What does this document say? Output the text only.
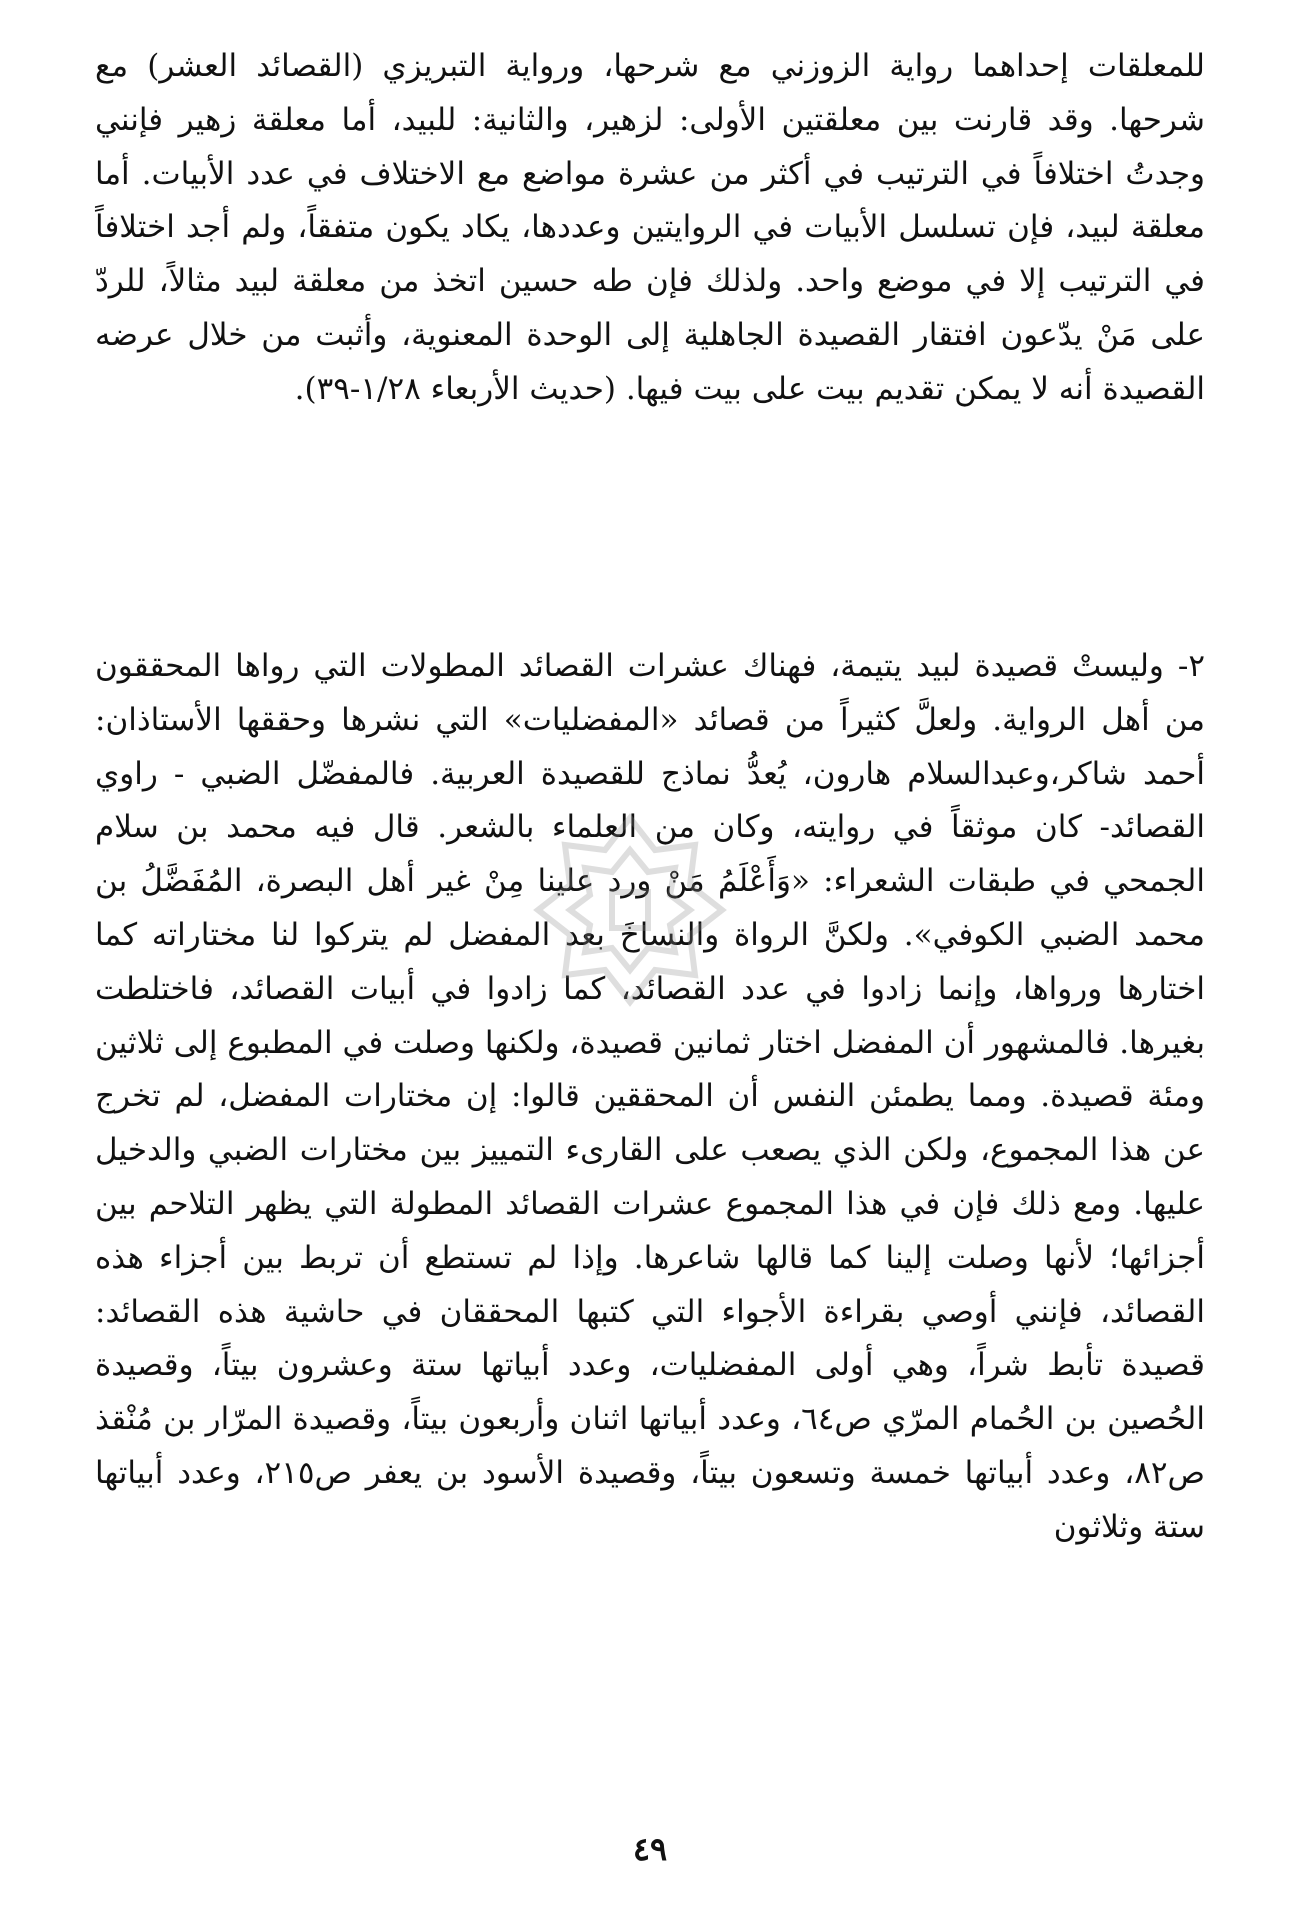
للمعلقات إحداهما رواية الزوزني مع شرحها، ورواية التبريزي (القصائد العشر) مع شرحها. وقد قارنت بين معلقتين الأولى: لزهير، والثانية: للبيد، أما معلقة زهير فإنني وجدتُ اختلافاً في الترتيب في أكثر من عشرة مواضع مع الاختلاف في عدد الأبيات. أما معلقة لبيد، فإن تسلسل الأبيات في الروايتين وعددها، يكاد يكون متفقاً، ولم أجد اختلافاً في الترتيب إلا في موضع واحد. ولذلك فإن طه حسين اتخذ من معلقة لبيد مثالاً، للردّ على مَنْ يدّعون افتقار القصيدة الجاهلية إلى الوحدة المعنوية، وأثبت من خلال عرضه القصيدة أنه لا يمكن تقديم بيت على بيت فيها. (حديث الأربعاء ١/٢٨-٣٩).

٢- وليستْ قصيدة لبيد يتيمة، فهناك عشرات القصائد المطولات التي رواها المحققون من أهل الرواية. ولعلَّ كثيراً من قصائد «المفضليات» التي نشرها وحققها الأستاذان: أحمد شاكر،وعبدالسلام هارون، يُعدُّ نماذج للقصيدة العربية. فالمفضّل الضبي - راوي القصائد- كان موثقاً في روايته، وكان من العلماء بالشعر. قال فيه محمد بن سلام الجمحي في طبقات الشعراء: «وَأَعْلَمُ مَنْ ورد علينا مِنْ غير أهل البصرة، المُفَضَّلُ بن محمد الضبي الكوفي». ولكنَّ الرواة والنساخَ بعد المفضل لم يتركوا لنا مختاراته كما اختارها ورواها، وإنما زادوا في عدد القصائد، كما زادوا في أبيات القصائد، فاختلطت بغيرها. فالمشهور أن المفضل اختار ثمانين قصيدة، ولكنها وصلت في المطبوع إلى ثلاثين ومئة قصيدة. ومما يطمئن النفس أن المحققين قالوا: إن مختارات المفضل، لم تخرج عن هذا المجموع، ولكن الذي يصعب على القارىء التمييز بين مختارات الضبي والدخيل عليها. ومع ذلك فإن في هذا المجموع عشرات القصائد المطولة التي يظهر التلاحم بين أجزائها؛ لأنها وصلت إلينا كما قالها شاعرها. وإذا لم تستطع أن تربط بين أجزاء هذه القصائد، فإنني أوصي بقراءة الأجواء التي كتبها المحققان في حاشية هذه القصائد: قصيدة تأبط شراً، وهي أولى المفضليات، وعدد أبياتها ستة وعشرون بيتاً، وقصيدة الحُصين بن الحُمام المرّي ص٦٤، وعدد أبياتها اثنان وأربعون بيتاً، وقصيدة المرّار بن مُنْقذ ص٨٢، وعدد أبياتها خمسة وتسعون بيتاً، وقصيدة الأسود بن يعفر ص٢١٥، وعدد أبياتها ستة وثلاثون

٤٩
